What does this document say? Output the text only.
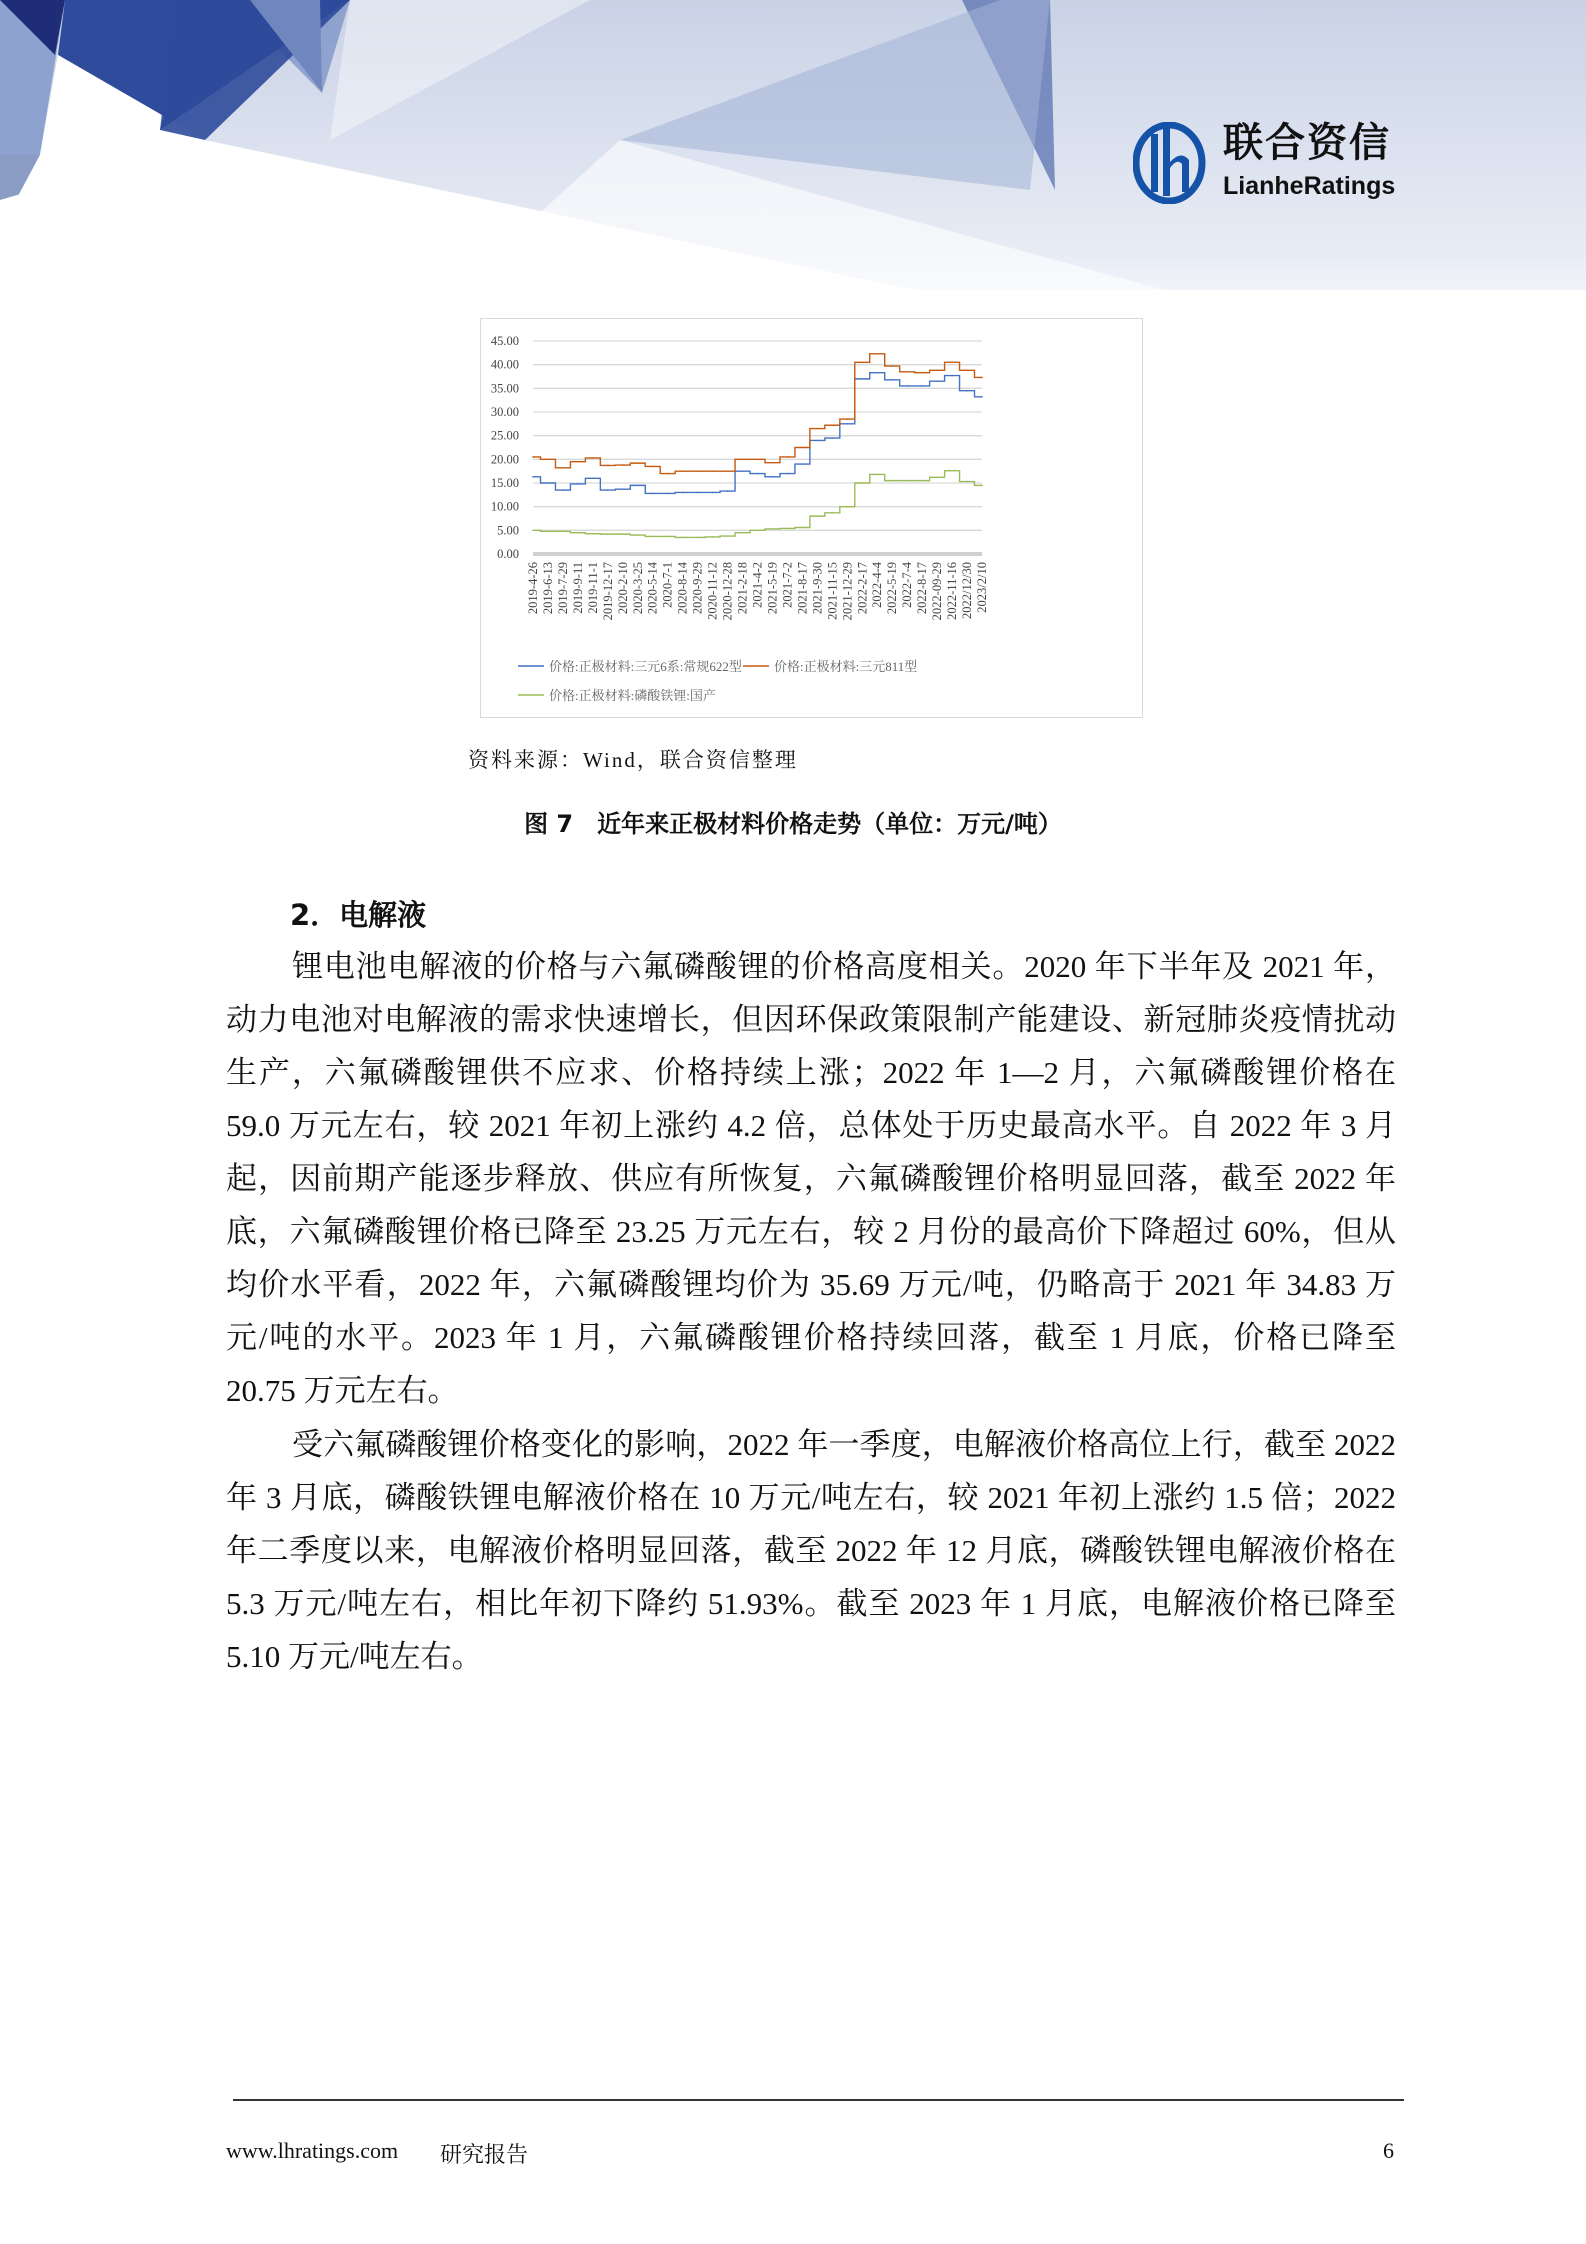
联合资信
LianheRatings
0.00
5.00
10.00
15.00
20.00
25.00
30.00
35.00
40.00
45.00
2019-4-26 2019-6-13 2019-7-29 2019-9-11 2019-11-1 2019-12-17 2020-2-10 2020-3-25 2020-5-14 2020-7-1 2020-8-14 2020-9-29 2020-11-12 2020-12-28 2021-2-18 2021-4-2 2021-5-19 2021-7-2 2021-8-17 2021-9-30 2021-11-15 2021-12-29 2022-2-17 2022-4-4 2022-5-19 2022-7-4 2022-8-17 2022-09-29 2022-11-16 2022/12/30 2023/2/10
价格:正极材料:三元6系:常规622型 价格:正极材料:三元811型
价格:正极材料:磷酸铁锂:国产
资料来源：Wind，联合资信整理
图 7　近年来正极材料价格走势（单位：万元/吨）
2．电解液
锂电池电解液的价格与六氟磷酸锂的价格高度相关。2020 年下半年及 2021 年，动力电池对电解液的需求快速增长，但因环保政策限制产能建设、新冠肺炎疫情扰动生产，六氟磷酸锂供不应求、价格持续上涨；2022 年 1—2 月，六氟磷酸锂价格在 59.0 万元左右，较 2021 年初上涨约 4.2 倍，总体处于历史最高水平。自 2022 年 3 月起，因前期产能逐步释放、供应有所恢复，六氟磷酸锂价格明显回落，截至 2022 年底，六氟磷酸锂价格已降至 23.25 万元左右，较 2 月份的最高价下降超过 60%，但从均价水平看，2022 年，六氟磷酸锂均价为 35.69 万元/吨，仍略高于 2021 年 34.83 万元/吨的水平。2023 年 1 月，六氟磷酸锂价格持续回落，截至 1 月底，价格已降至 20.75 万元左右。
受六氟磷酸锂价格变化的影响，2022 年一季度，电解液价格高位上行，截至 2022 年 3 月底，磷酸铁锂电解液价格在 10 万元/吨左右，较 2021 年初上涨约 1.5 倍；2022 年二季度以来，电解液价格明显回落，截至 2022 年 12 月底，磷酸铁锂电解液价格在 5.3 万元/吨左右，相比年初下降约 51.93%。截至 2023 年 1 月底，电解液价格已降至 5.10 万元/吨左右。
www.lhratings.com 研究报告	6
